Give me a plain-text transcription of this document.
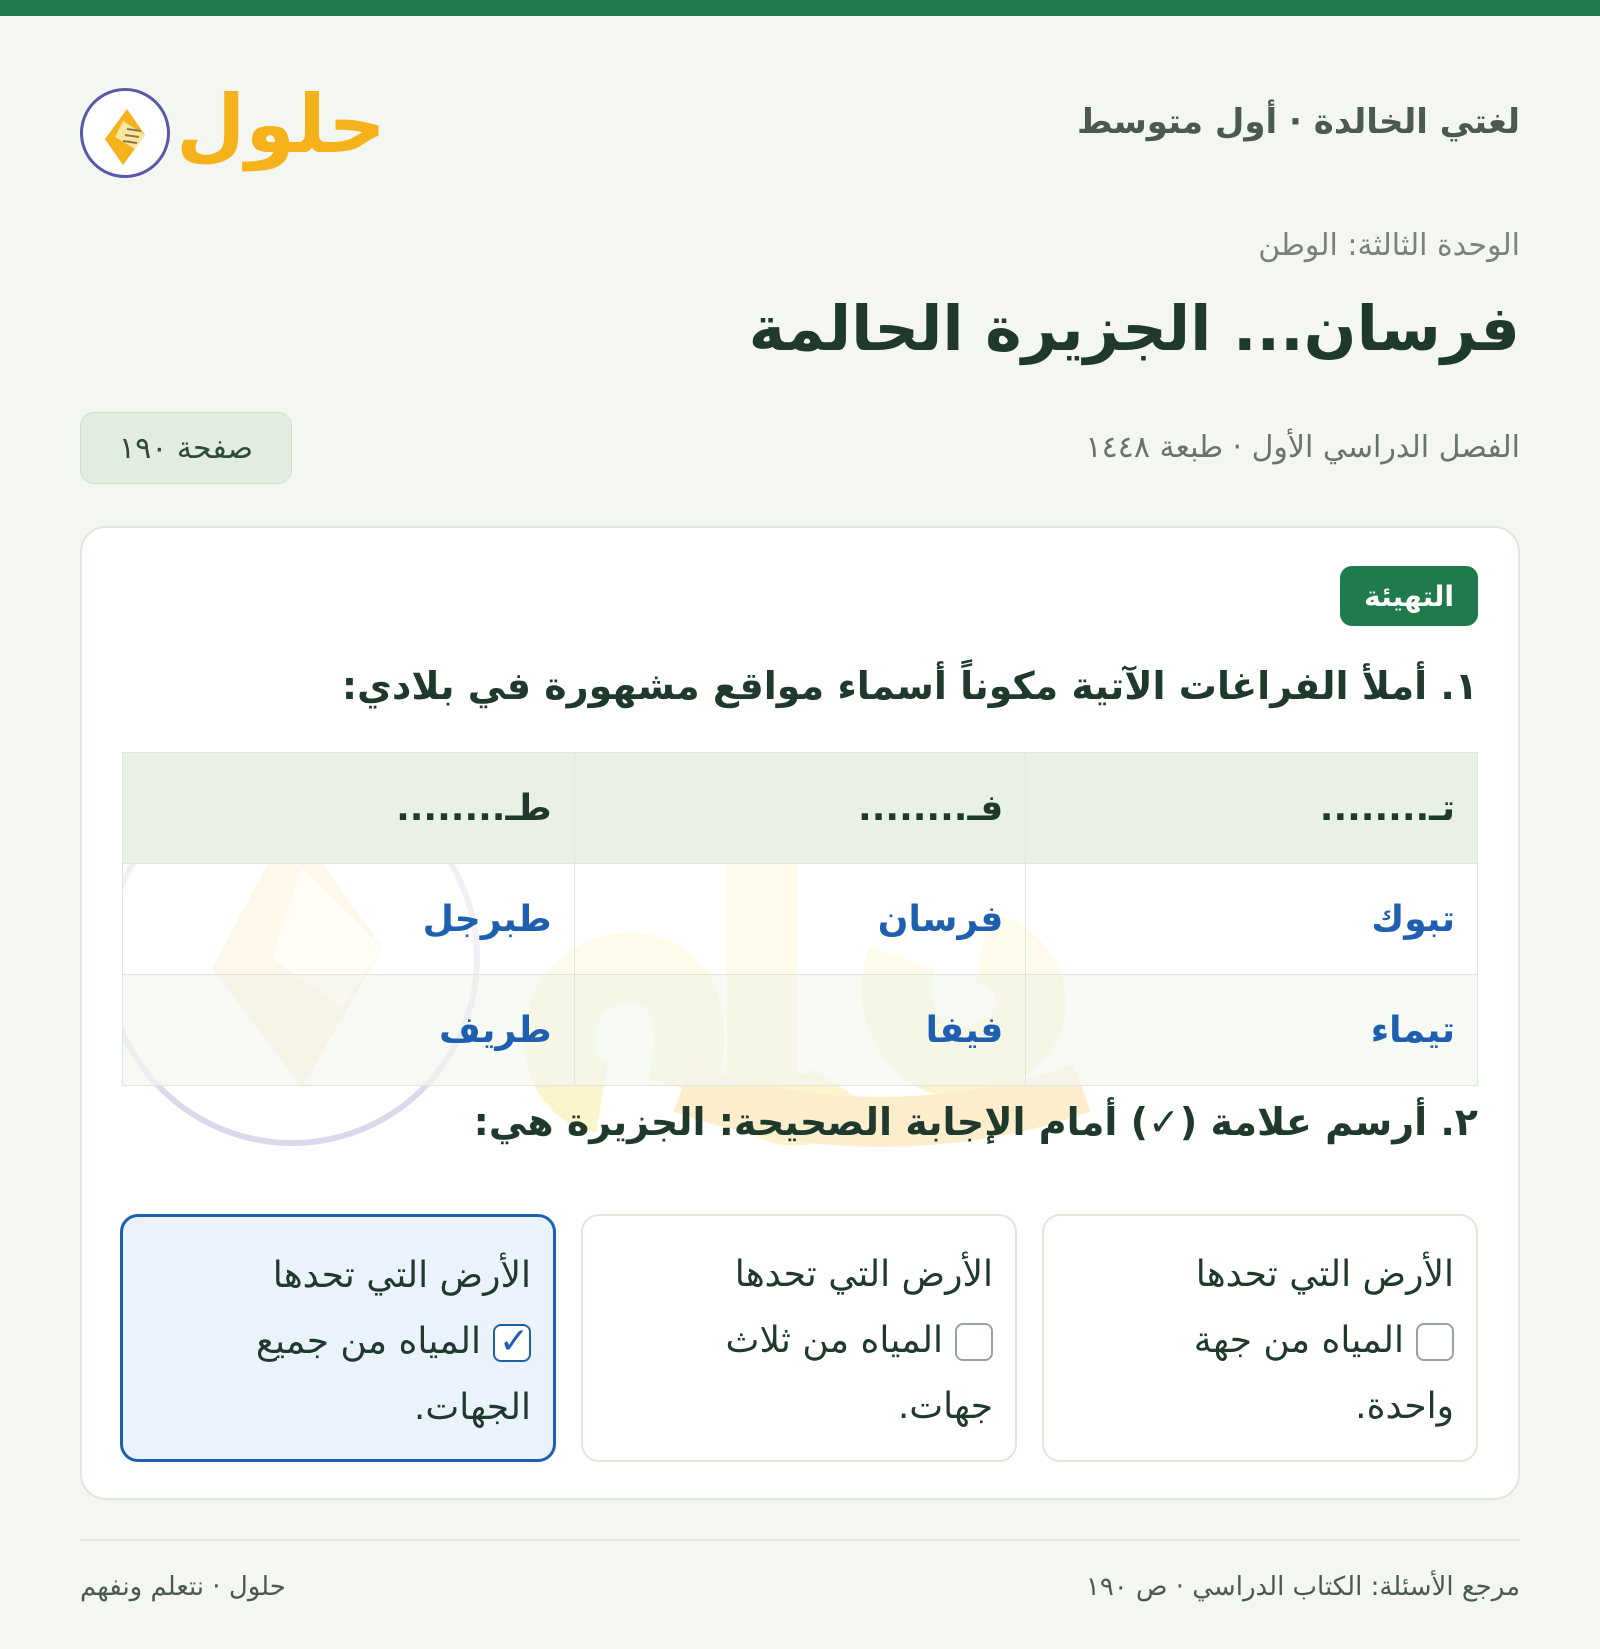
لغتي الخالدة · أول متوسط
حلول
الوحدة الثالثة: الوطن
فرسان... الجزيرة الحالمة
الفصل الدراسي الأول · طبعة ١٤٤٨
صفحة ١٩٠
التهيئة
١. أملأ الفراغات الآتية مكوناً أسماء مواقع مشهورة في بلادي:
تـ........	فـ........	طـ........
تبوك	فرسان	طبرجل
تيماء	فيفا	طريف
٢. أرسم علامة (✓) أمام الإجابة الصحيحة: الجزيرة هي:
الأرض التي تحدها
المياه من جهة
واحدة.
الأرض التي تحدها
المياه من ثلاث
جهات.
الأرض التي تحدها
✓
المياه من جميع
الجهات.
مرجع الأسئلة: الكتاب الدراسي · ص ١٩٠
حلول · نتعلم ونفهم
